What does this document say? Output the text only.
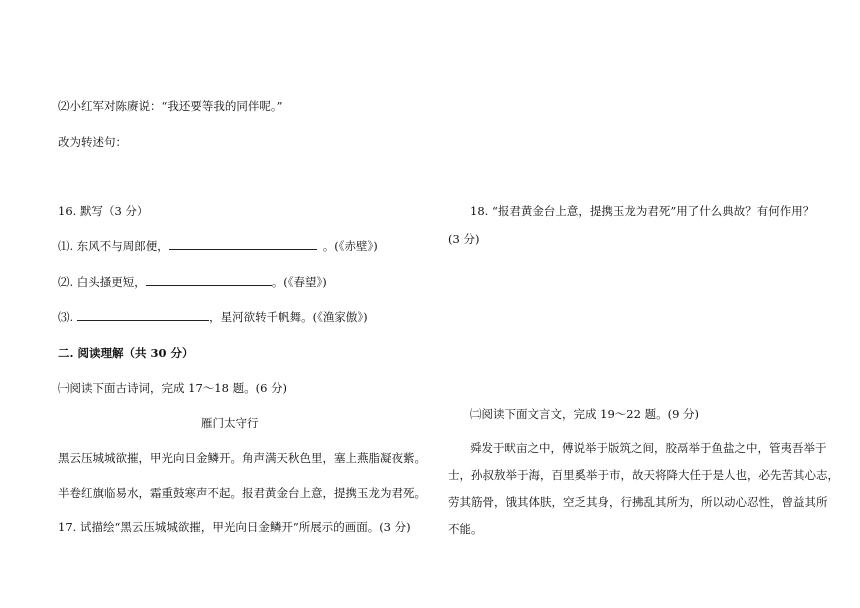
⑵小红军对陈赓说：“我还要等我的同伴呢。”
改为转述句：
16. 默写（3 分）
⑴. 东风不与周郎便，	。(《赤壁》)
⑵. 白头搔更短，	。(《春望》)
⑶.	，星河欲转千帆舞。(《渔家傲》)
二. 阅读理解（共 30 分）
㈠阅读下面古诗词，完成 17～18 题。(6 分)
雁门太守行
黑云压城城欲摧，甲光向日金鳞开。角声满天秋色里，塞上燕脂凝夜紫。
半卷红旗临易水，霜重鼓寒声不起。报君黄金台上意，提携玉龙为君死。
17. 试描绘“黑云压城城欲摧，甲光向日金鳞开”所展示的画面。(3 分)
18. “报君黄金台上意，提携玉龙为君死”用了什么典故？有何作用？
(3 分)
㈡阅读下面文言文，完成 19～22 题。(9 分)
舜发于畎亩之中，傅说举于版筑之间，胶鬲举于鱼盐之中，管夷吾举于
士，孙叔敖举于海，百里奚举于市，故天将降大任于是人也，必先苦其心志，
劳其筋骨，饿其体肤，空乏其身，行拂乱其所为，所以动心忍性，曾益其所
不能。
